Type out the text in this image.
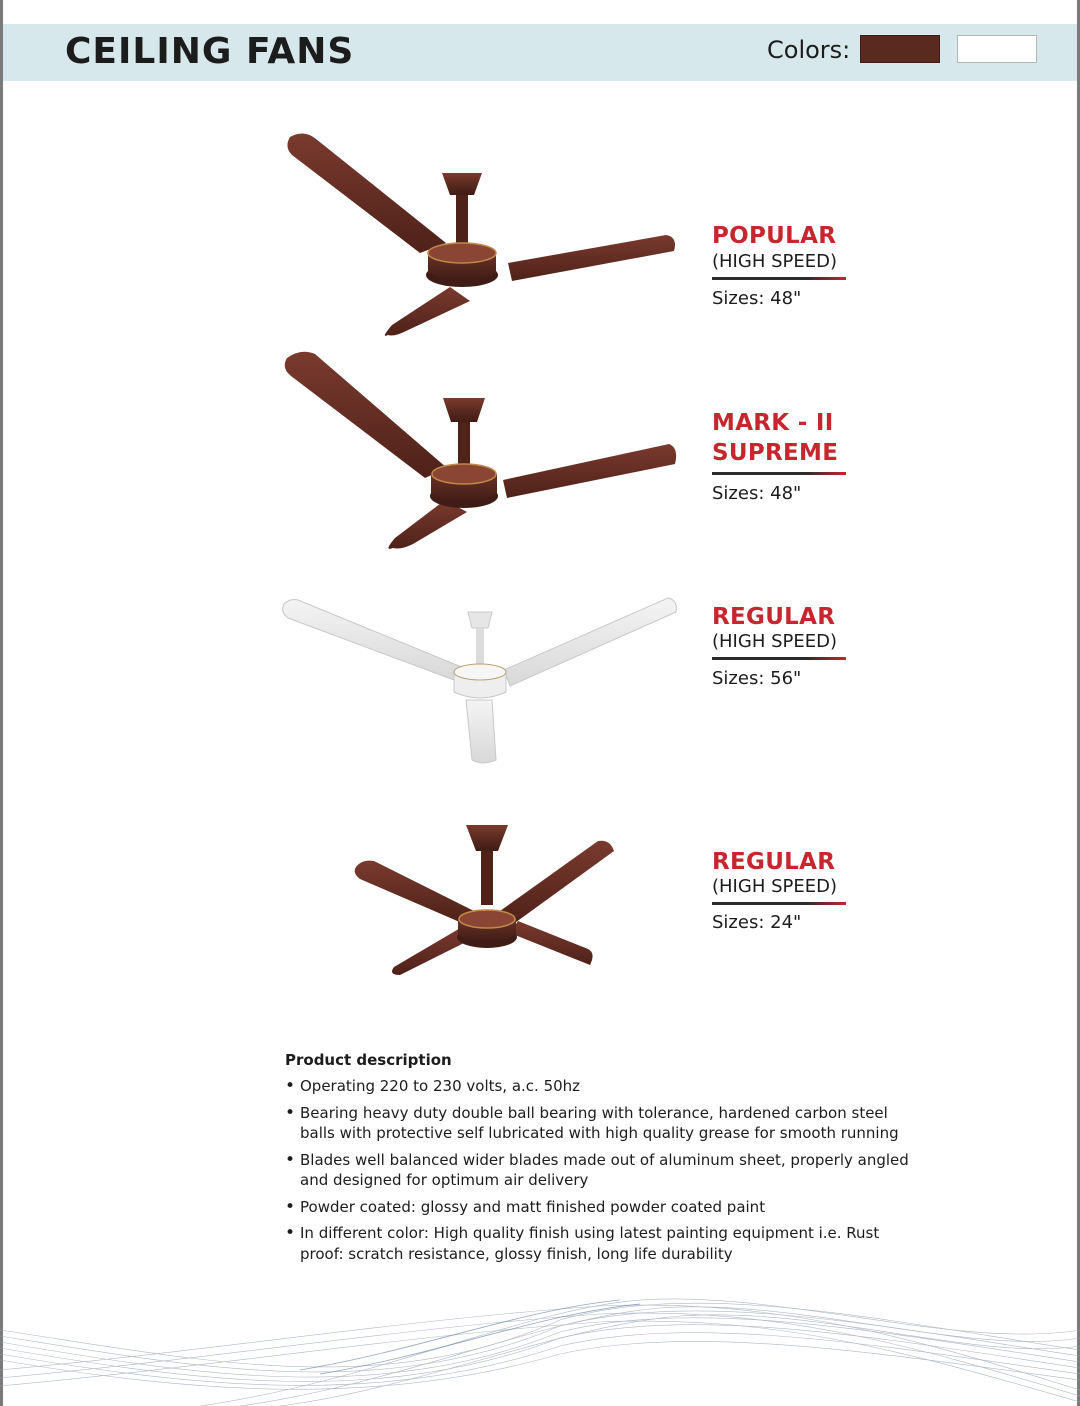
CEILING FANS	Colors:
POPULAR
(HIGH SPEED)
Sizes: 48"
MARK - II
SUPREME
Sizes: 48"
REGULAR
(HIGH SPEED)
Sizes: 56"
REGULAR
(HIGH SPEED)
Sizes: 24"
Product description
• Operating 220 to 230 volts, a.c. 50hz
• Bearing heavy duty double ball bearing with tolerance, hardened carbon steel balls with protective self lubricated with high quality grease for smooth running
• Blades well balanced wider blades made out of aluminum sheet, properly angled and designed for optimum air delivery
• Powder coated: glossy and matt finished powder coated paint
• In different color: High quality finish using latest painting equipment i.e. Rust proof: scratch resistance, glossy finish, long life durability
